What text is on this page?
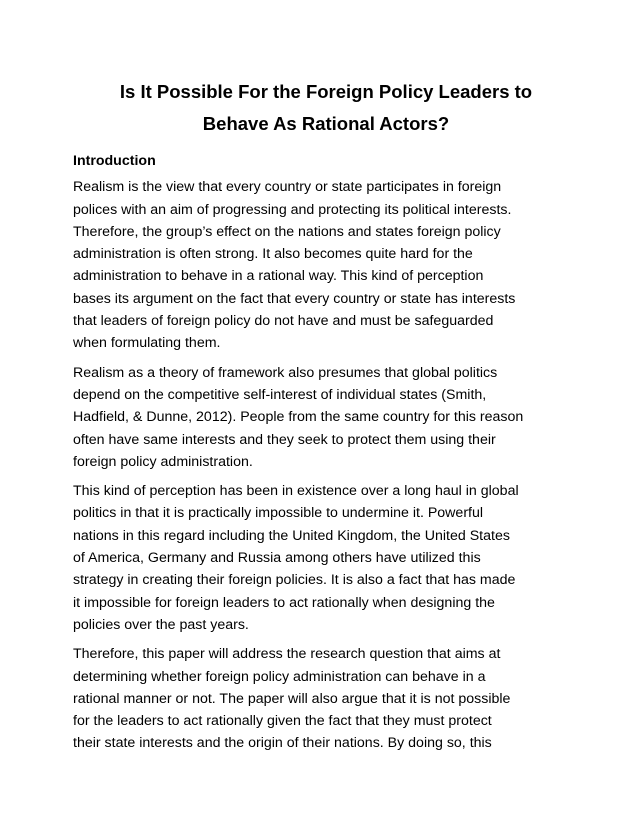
Is It Possible For the Foreign Policy Leaders to
Behave As Rational Actors?
Introduction
Realism is the view that every country or state participates in foreign
polices with an aim of progressing and protecting its political interests.
Therefore, the group’s effect on the nations and states foreign policy
administration is often strong. It also becomes quite hard for the
administration to behave in a rational way. This kind of perception
bases its argument on the fact that every country or state has interests
that leaders of foreign policy do not have and must be safeguarded
when formulating them.
Realism as a theory of framework also presumes that global politics
depend on the competitive self-interest of individual states (Smith,
Hadfield, & Dunne, 2012). People from the same country for this reason
often have same interests and they seek to protect them using their
foreign policy administration.
This kind of perception has been in existence over a long haul in global
politics in that it is practically impossible to undermine it. Powerful
nations in this regard including the United Kingdom, the United States
of America, Germany and Russia among others have utilized this
strategy in creating their foreign policies. It is also a fact that has made
it impossible for foreign leaders to act rationally when designing the
policies over the past years.
Therefore, this paper will address the research question that aims at
determining whether foreign policy administration can behave in a
rational manner or not. The paper will also argue that it is not possible
for the leaders to act rationally given the fact that they must protect
their state interests and the origin of their nations. By doing so, this
